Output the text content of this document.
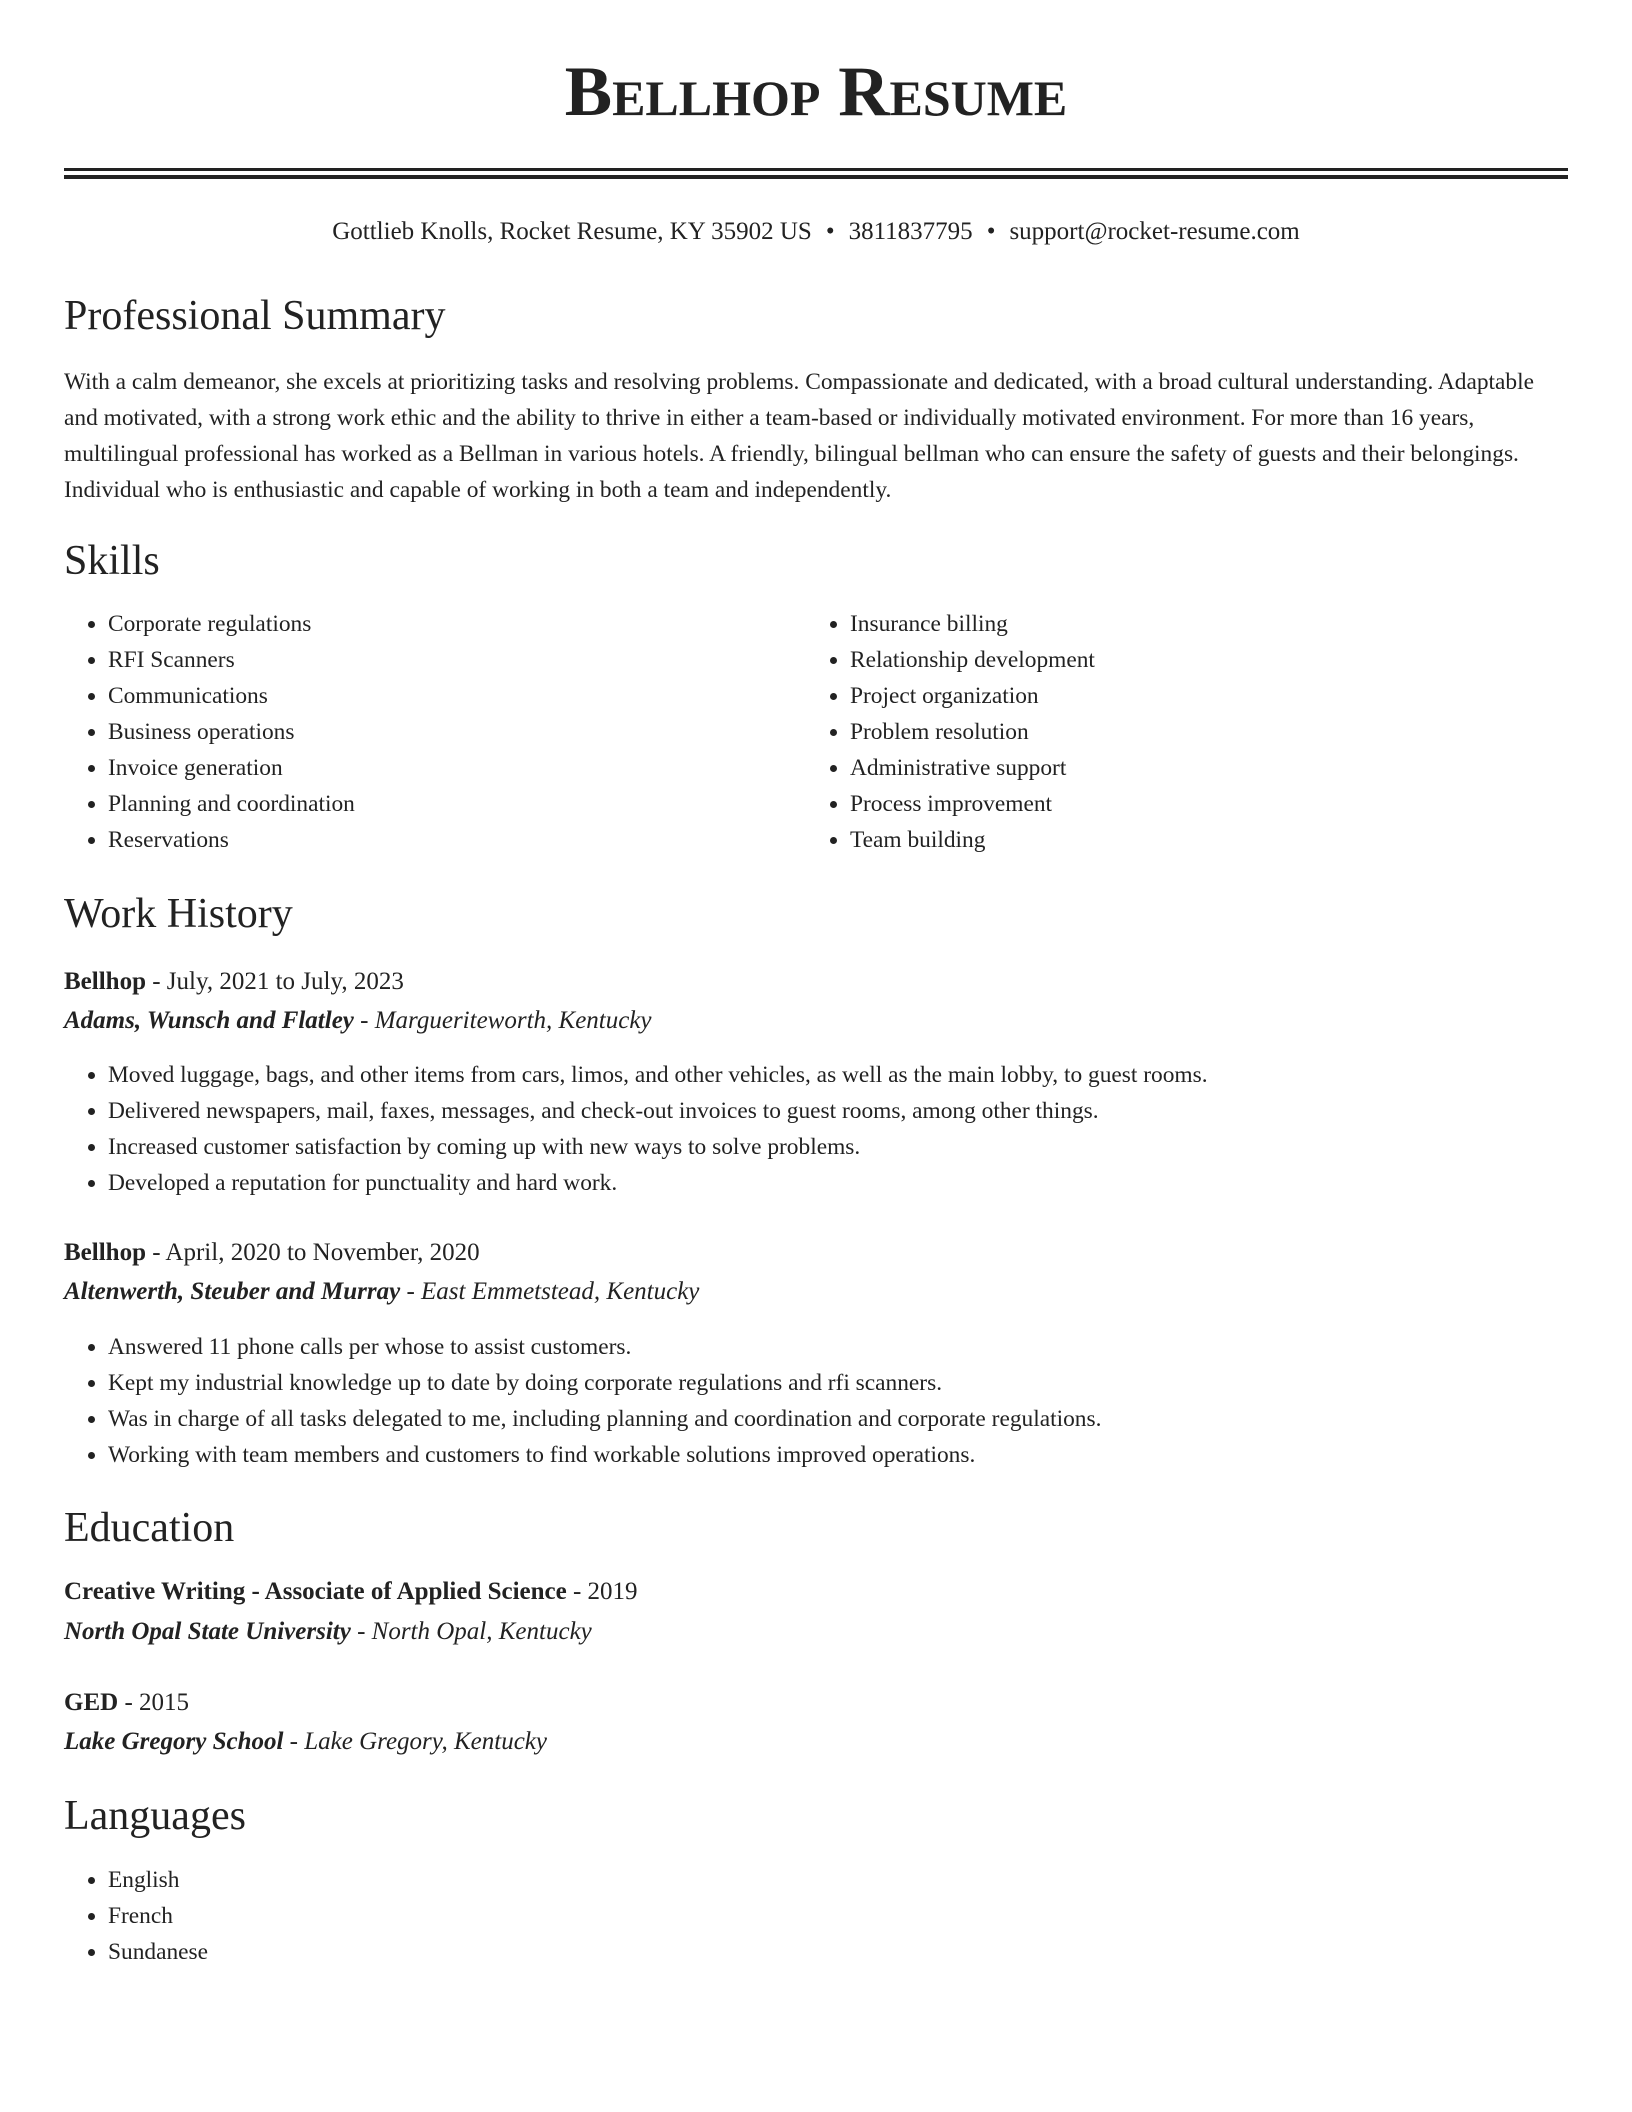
Bellhop Resume
Gottlieb Knolls, Rocket Resume, KY 35902 US • 3811837795 • support@rocket-resume.com
Professional Summary
With a calm demeanor, she excels at prioritizing tasks and resolving problems. Compassionate and dedicated, with a broad cultural understanding. Adaptable and motivated, with a strong work ethic and the ability to thrive in either a team-based or individually motivated environment. For more than 16 years, multilingual professional has worked as a Bellman in various hotels. A friendly, bilingual bellman who can ensure the safety of guests and their belongings. Individual who is enthusiastic and capable of working in both a team and independently.
Skills
• Corporate regulations
• RFI Scanners
• Communications
• Business operations
• Invoice generation
• Planning and coordination
• Reservations
• Insurance billing
• Relationship development
• Project organization
• Problem resolution
• Administrative support
• Process improvement
• Team building
Work History
Bellhop - July, 2021 to July, 2023
Adams, Wunsch and Flatley - Margueriteworth, Kentucky
• Moved luggage, bags, and other items from cars, limos, and other vehicles, as well as the main lobby, to guest rooms.
• Delivered newspapers, mail, faxes, messages, and check-out invoices to guest rooms, among other things.
• Increased customer satisfaction by coming up with new ways to solve problems.
• Developed a reputation for punctuality and hard work.
Bellhop - April, 2020 to November, 2020
Altenwerth, Steuber and Murray - East Emmetstead, Kentucky
• Answered 11 phone calls per whose to assist customers.
• Kept my industrial knowledge up to date by doing corporate regulations and rfi scanners.
• Was in charge of all tasks delegated to me, including planning and coordination and corporate regulations.
• Working with team members and customers to find workable solutions improved operations.
Education
Creative Writing - Associate of Applied Science - 2019
North Opal State University - North Opal, Kentucky
GED - 2015
Lake Gregory School - Lake Gregory, Kentucky
Languages
• English
• French
• Sundanese
